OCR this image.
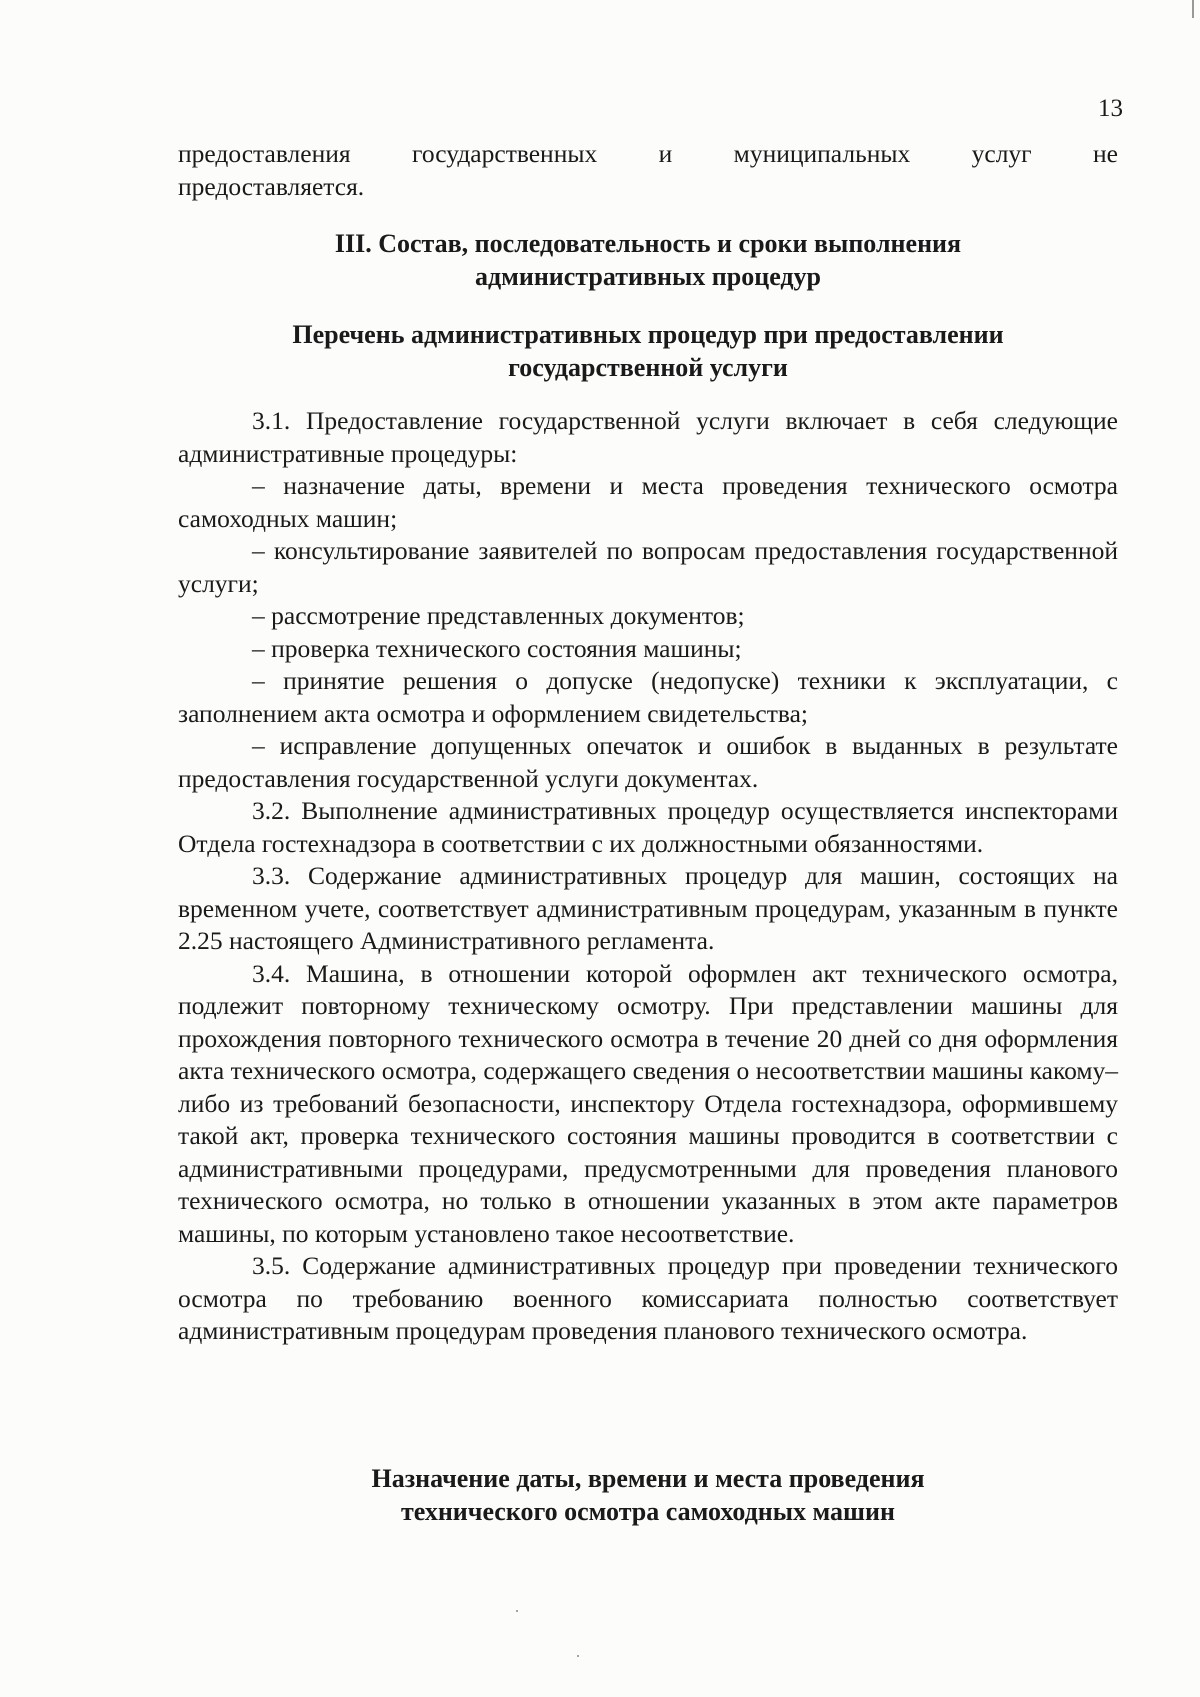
13

предоставления государственных и муниципальных услуг не

предоставляется.

III. Состав, последовательность и сроки выполнения
административных процедур
Перечень административных процедур при предоставлении
государственной услуги

3.1. Предоставление государственной услуги включает в себя следующие административные процедуры:

– назначение даты, времени и места проведения технического осмотра самоходных машин;

– консультирование заявителей по вопросам предоставления государственной услуги;

– рассмотрение представленных документов;

– проверка технического состояния машины;

– принятие решения о допуске (недопуске) техники к эксплуатации, с заполнением акта осмотра и оформлением свидетельства;

– исправление допущенных опечаток и ошибок в выданных в результате предоставления государственной услуги документах.

3.2. Выполнение административных процедур осуществляется инспекторами Отдела гостехнадзора в соответствии с их должностными обязанностями.

3.3. Содержание административных процедур для машин, состоящих на временном учете, соответствует административным процедурам, указанным в пункте 2.25 настоящего Административного регламента.

3.4. Машина, в отношении которой оформлен акт технического осмотра, подлежит повторному техническому осмотру. При представлении машины для прохождения повторного технического осмотра в течение 20 дней со дня оформления акта технического осмотра, содержащего сведения о несоответствии машины какому–либо из требований безопасности, инспектору Отдела гостехнадзора, оформившему такой акт, проверка технического состояния машины проводится в соответствии с административными процедурами, предусмотренными для проведения планового технического осмотра, но только в отношении указанных в этом акте параметров машины, по которым установлено такое несоответствие.

3.5. Содержание административных процедур при проведении технического осмотра по требованию военного комиссариата полностью соответствует административным процедурам проведения планового технического осмотра.

Назначение даты, времени и места проведения
технического осмотра самоходных машин
